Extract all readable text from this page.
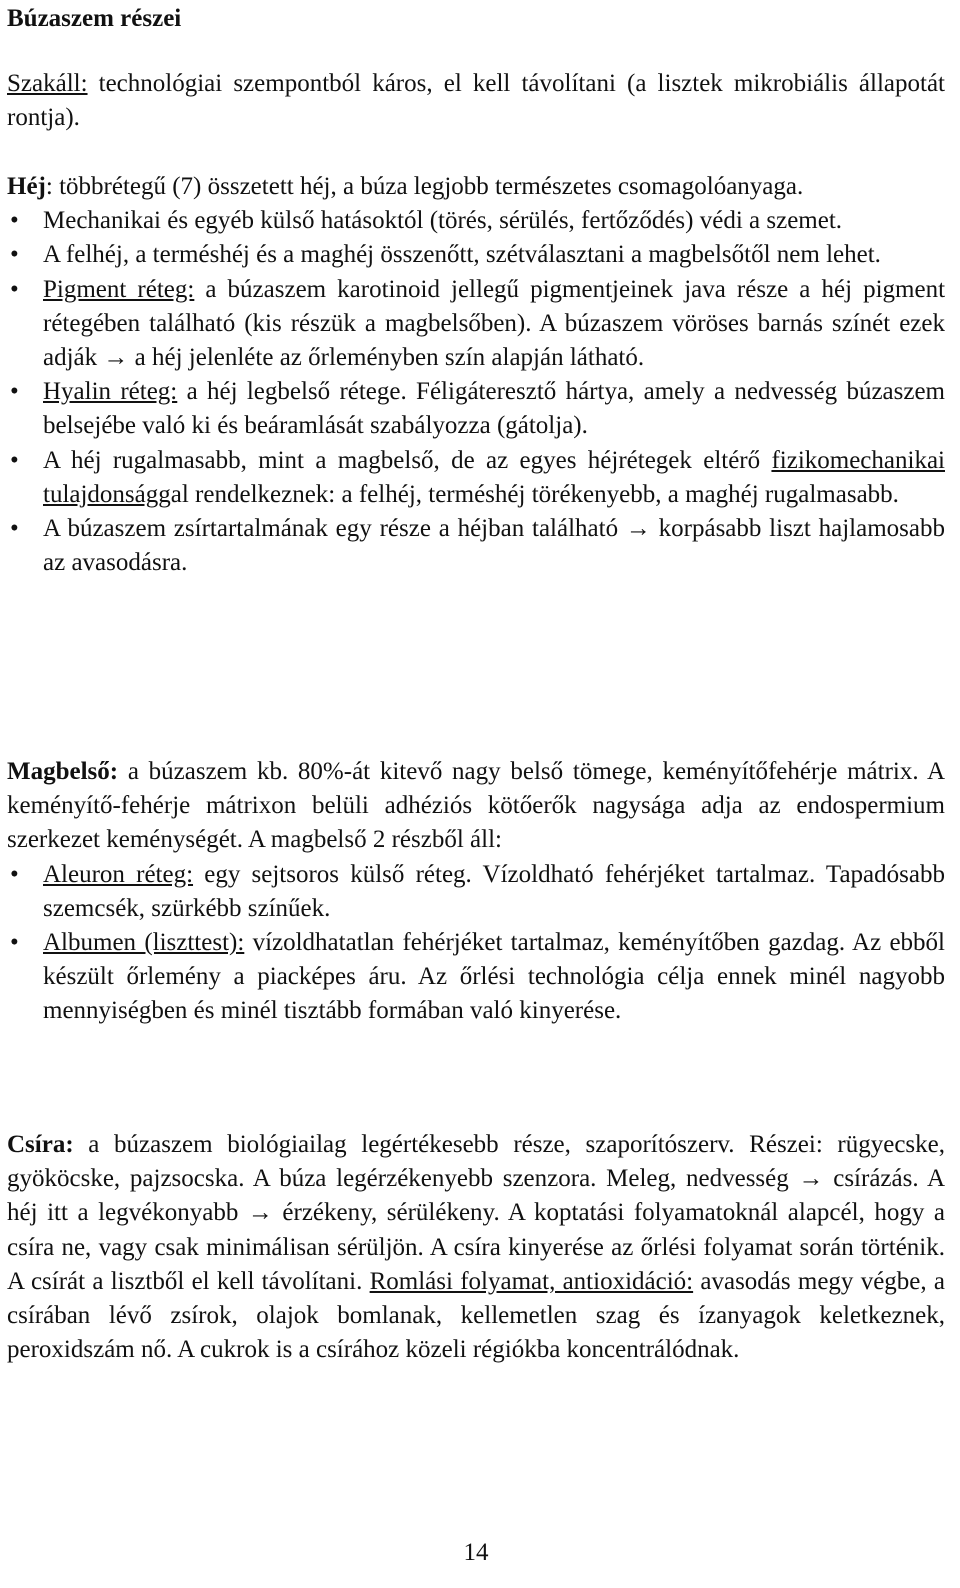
Búzaszem részei
Szakáll: technológiai szempontból káros, el kell távolítani (a lisztek mikrobiális állapotát rontja).
Héj: többrétegű (7) összetett héj, a búza legjobb természetes csomagolóanyaga.
• Mechanikai és egyéb külső hatásoktól (törés, sérülés, fertőződés) védi a szemet.
• A felhéj, a terméshéj és a maghéj összenőtt, szétválasztani a magbelsőtől nem lehet.
• Pigment réteg: a búzaszem karotinoid jellegű pigmentjeinek java része a héj pigment rétegében található (kis részük a magbelsőben). A búzaszem vöröses barnás színét ezek adják → a héj jelenléte az őrleményben szín alapján látható.
• Hyalin réteg: a héj legbelső rétege. Féligáteresztő hártya, amely a nedvesség búzaszem belsejébe való ki és beáramlását szabályozza (gátolja).
• A héj rugalmasabb, mint a magbelső, de az egyes héjrétegek eltérő fizikomechanikai tulajdonsággal rendelkeznek: a felhéj, terméshéj törékenyebb, a maghéj rugalmasabb.
• A búzaszem zsírtartalmának egy része a héjban található → korpásabb liszt hajlamosabb az avasodásra.
Magbelső: a búzaszem kb. 80%-át kitevő nagy belső tömege, keményítőfehérje mátrix. A keményítő-fehérje mátrixon belüli adhéziós kötőerők nagysága adja az endospermium szerkezet keménységét. A magbelső 2 részből áll:
• Aleuron réteg: egy sejtsoros külső réteg. Vízoldható fehérjéket tartalmaz. Tapadósabb szemcsék, szürkébb színűek.
• Albumen (liszttest): vízoldhatatlan fehérjéket tartalmaz, keményítőben gazdag. Az ebből készült őrlemény a piacképes áru. Az őrlési technológia célja ennek minél nagyobb mennyiségben és minél tisztább formában való kinyerése.
Csíra: a búzaszem biológiailag legértékesebb része, szaporítószerv. Részei: rügyecske, gyököcske, pajzsocska. A búza legérzékenyebb szenzora. Meleg, nedvesség → csírázás. A héj itt a legvékonyabb → érzékeny, sérülékeny. A koptatási folyamatoknál alapcél, hogy a csíra ne, vagy csak minimálisan sérüljön. A csíra kinyerése az őrlési folyamat során történik. A csírát a lisztből el kell távolítani. Romlási folyamat, antioxidáció: avasodás megy végbe, a csírában lévő zsírok, olajok bomlanak, kellemetlen szag és ízanyagok keletkeznek, peroxidszám nő. A cukrok is a csírához közeli régiókba koncentrálódnak.
14
